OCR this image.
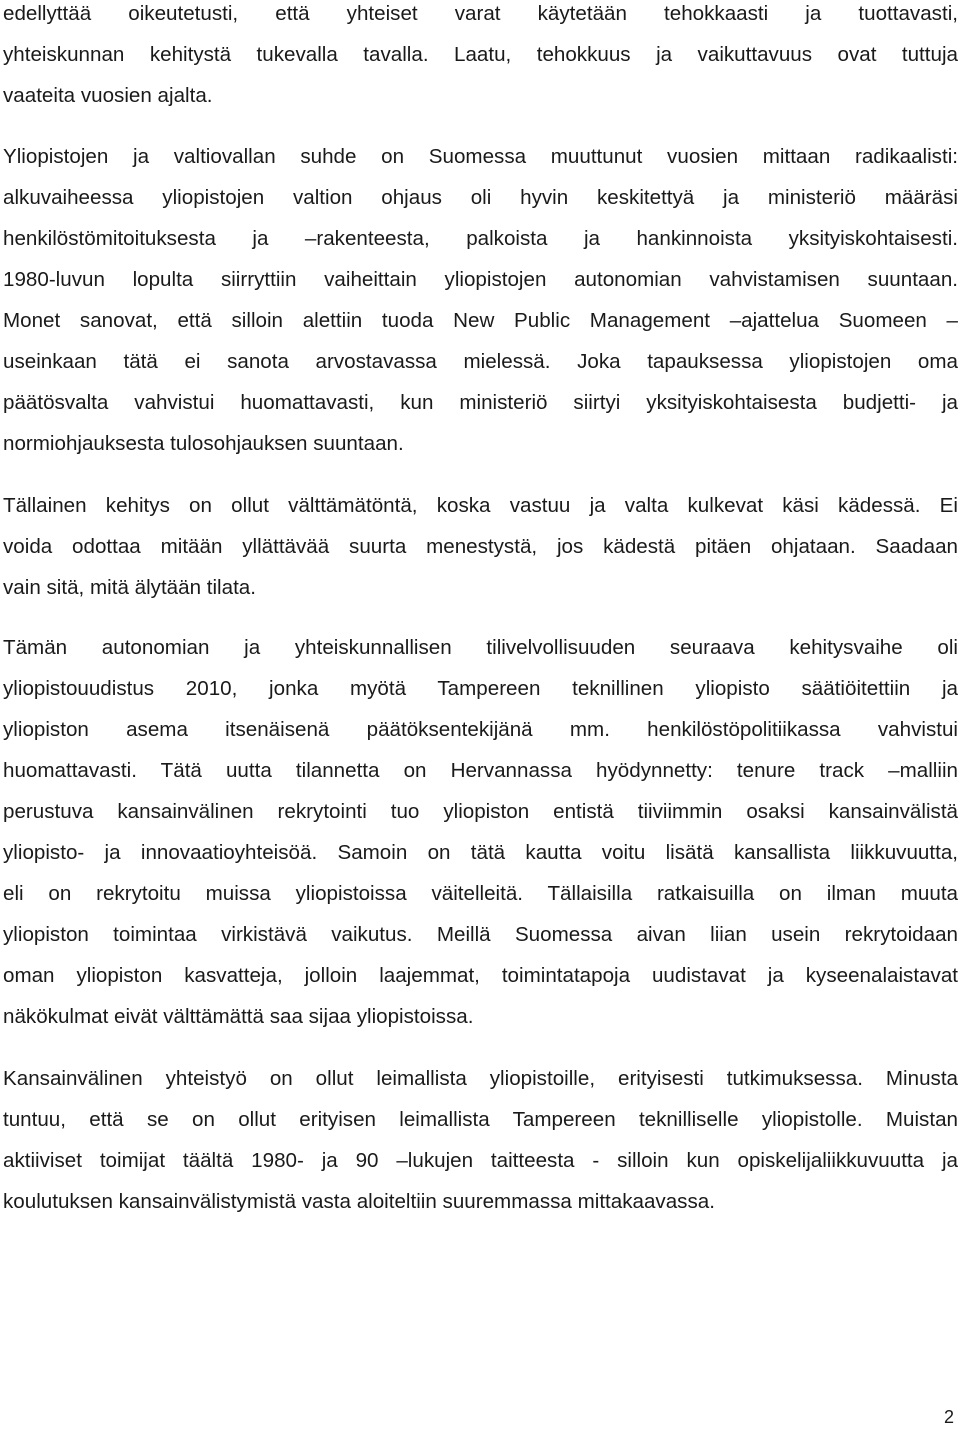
edellyttää oikeutetusti, että yhteiset varat käytetään tehokkaasti ja tuottavasti,
yhteiskunnan kehitystä tukevalla tavalla. Laatu, tehokkuus ja vaikuttavuus ovat tuttuja
vaateita vuosien ajalta.
Yliopistojen ja valtiovallan suhde on Suomessa muuttunut vuosien mittaan radikaalisti:
alkuvaiheessa yliopistojen valtion ohjaus oli hyvin keskitettyä ja ministeriö määräsi
henkilöstömitoituksesta ja –rakenteesta, palkoista ja hankinnoista yksityiskohtaisesti.
1980-luvun lopulta siirryttiin vaiheittain yliopistojen autonomian vahvistamisen suuntaan.
Monet sanovat, että silloin alettiin tuoda New Public Management –ajattelua Suomeen –
useinkaan tätä ei sanota arvostavassa mielessä. Joka tapauksessa yliopistojen oma
päätösvalta vahvistui huomattavasti, kun ministeriö siirtyi yksityiskohtaisesta budjetti- ja
normiohjauksesta tulosohjauksen suuntaan.
Tällainen kehitys on ollut välttämätöntä, koska vastuu ja valta kulkevat käsi kädessä. Ei
voida odottaa mitään yllättävää suurta menestystä, jos kädestä pitäen ohjataan. Saadaan
vain sitä, mitä älytään tilata.
Tämän autonomian ja yhteiskunnallisen tilivelvollisuuden seuraava kehitysvaihe oli
yliopistouudistus 2010, jonka myötä Tampereen teknillinen yliopisto säätiöitettiin ja
yliopiston asema itsenäisenä päätöksentekijänä mm. henkilöstöpolitiikassa vahvistui
huomattavasti. Tätä uutta tilannetta on Hervannassa hyödynnetty: tenure track –malliin
perustuva kansainvälinen rekrytointi tuo yliopiston entistä tiiviimmin osaksi kansainvälistä
yliopisto- ja innovaatioyhteisöä. Samoin on tätä kautta voitu lisätä kansallista liikkuvuutta,
eli on rekrytoitu muissa yliopistoissa väitelleitä. Tällaisilla ratkaisuilla on ilman muuta
yliopiston toimintaa virkistävä vaikutus. Meillä Suomessa aivan liian usein rekrytoidaan
oman yliopiston kasvatteja, jolloin laajemmat, toimintatapoja uudistavat ja kyseenalaistavat
näkökulmat eivät välttämättä saa sijaa yliopistoissa.
Kansainvälinen yhteistyö on ollut leimallista yliopistoille, erityisesti tutkimuksessa. Minusta
tuntuu, että se on ollut erityisen leimallista Tampereen teknilliselle yliopistolle. Muistan
aktiiviset toimijat täältä 1980- ja 90 –lukujen taitteesta - silloin kun opiskelijaliikkuvuutta ja
koulutuksen kansainvälistymistä vasta aloiteltiin suuremmassa mittakaavassa.
2
